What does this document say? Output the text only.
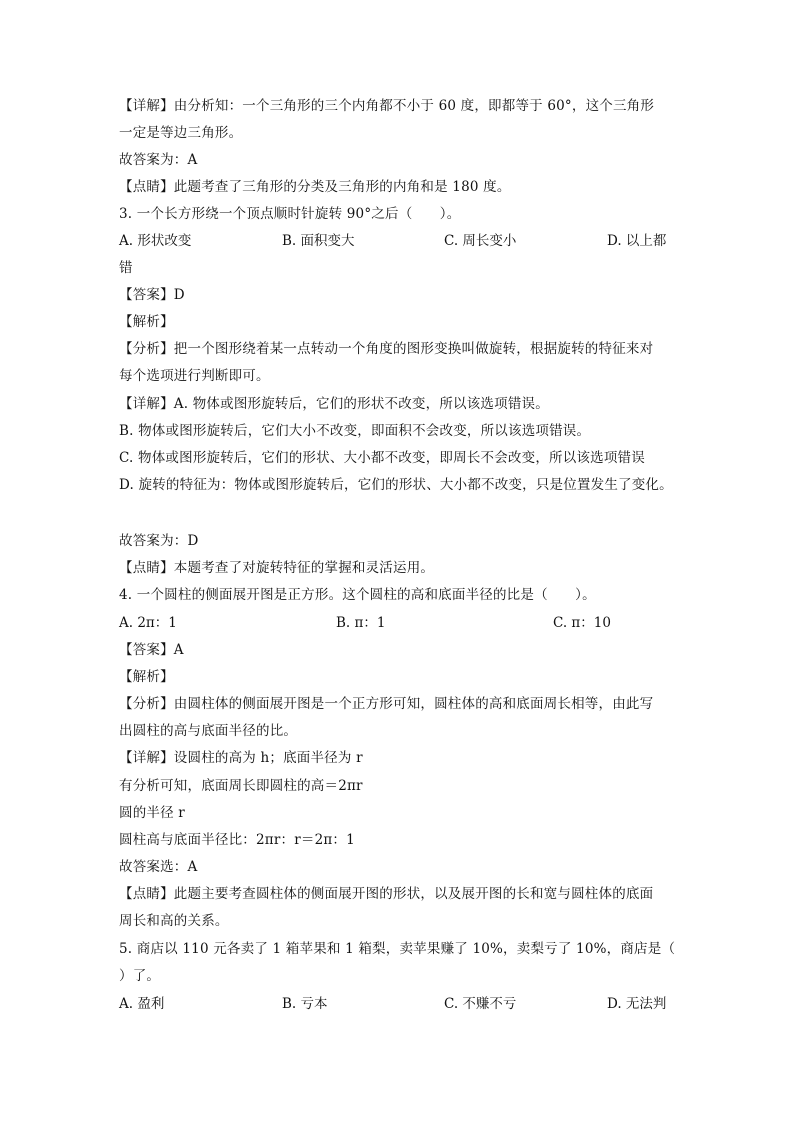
【详解】由分析知：一个三角形的三个内角都不小于 60 度，即都等于 60°，这个三角形
一定是等边三角形。
故答案为：A
【点睛】此题考查了三角形的分类及三角形的内角和是 180 度。
3. 一个长方形绕一个顶点顺时针旋转 90°之后（　　）。
A. 形状改变	B. 面积变大	C. 周长变小	D. 以上都
错
【答案】D
【解析】
【分析】把一个图形绕着某一点转动一个角度的图形变换叫做旋转，根据旋转的特征来对
每个选项进行判断即可。
【详解】A. 物体或图形旋转后，它们的形状不改变，所以该选项错误。
B. 物体或图形旋转后，它们大小不改变，即面积不会改变，所以该选项错误。
C. 物体或图形旋转后，它们的形状、大小都不改变，即周长不会改变，所以该选项错误
D. 旋转的特征为：物体或图形旋转后，它们的形状、大小都不改变，只是位置发生了变化。
故答案为：D
【点睛】本题考查了对旋转特征的掌握和灵活运用。
4. 一个圆柱的侧面展开图是正方形。这个圆柱的高和底面半径的比是（　　）。
A. 2π：1	B. π：1	C. π：10
【答案】A
【解析】
【分析】由圆柱体的侧面展开图是一个正方形可知，圆柱体的高和底面周长相等，由此写
出圆柱的高与底面半径的比。
【详解】设圆柱的高为 h；底面半径为 r
有分析可知，底面周长即圆柱的高＝2πr
圆的半径 r
圆柱高与底面半径比：2πr：r＝2π：1
故答案选：A
【点睛】此题主要考查圆柱体的侧面展开图的形状，以及展开图的长和宽与圆柱体的底面
周长和高的关系。
5. 商店以 110 元各卖了 1 箱苹果和 1 箱梨，卖苹果赚了 10%，卖梨亏了 10%，商店是（
）了。
A. 盈利	B. 亏本	C. 不赚不亏	D. 无法判
